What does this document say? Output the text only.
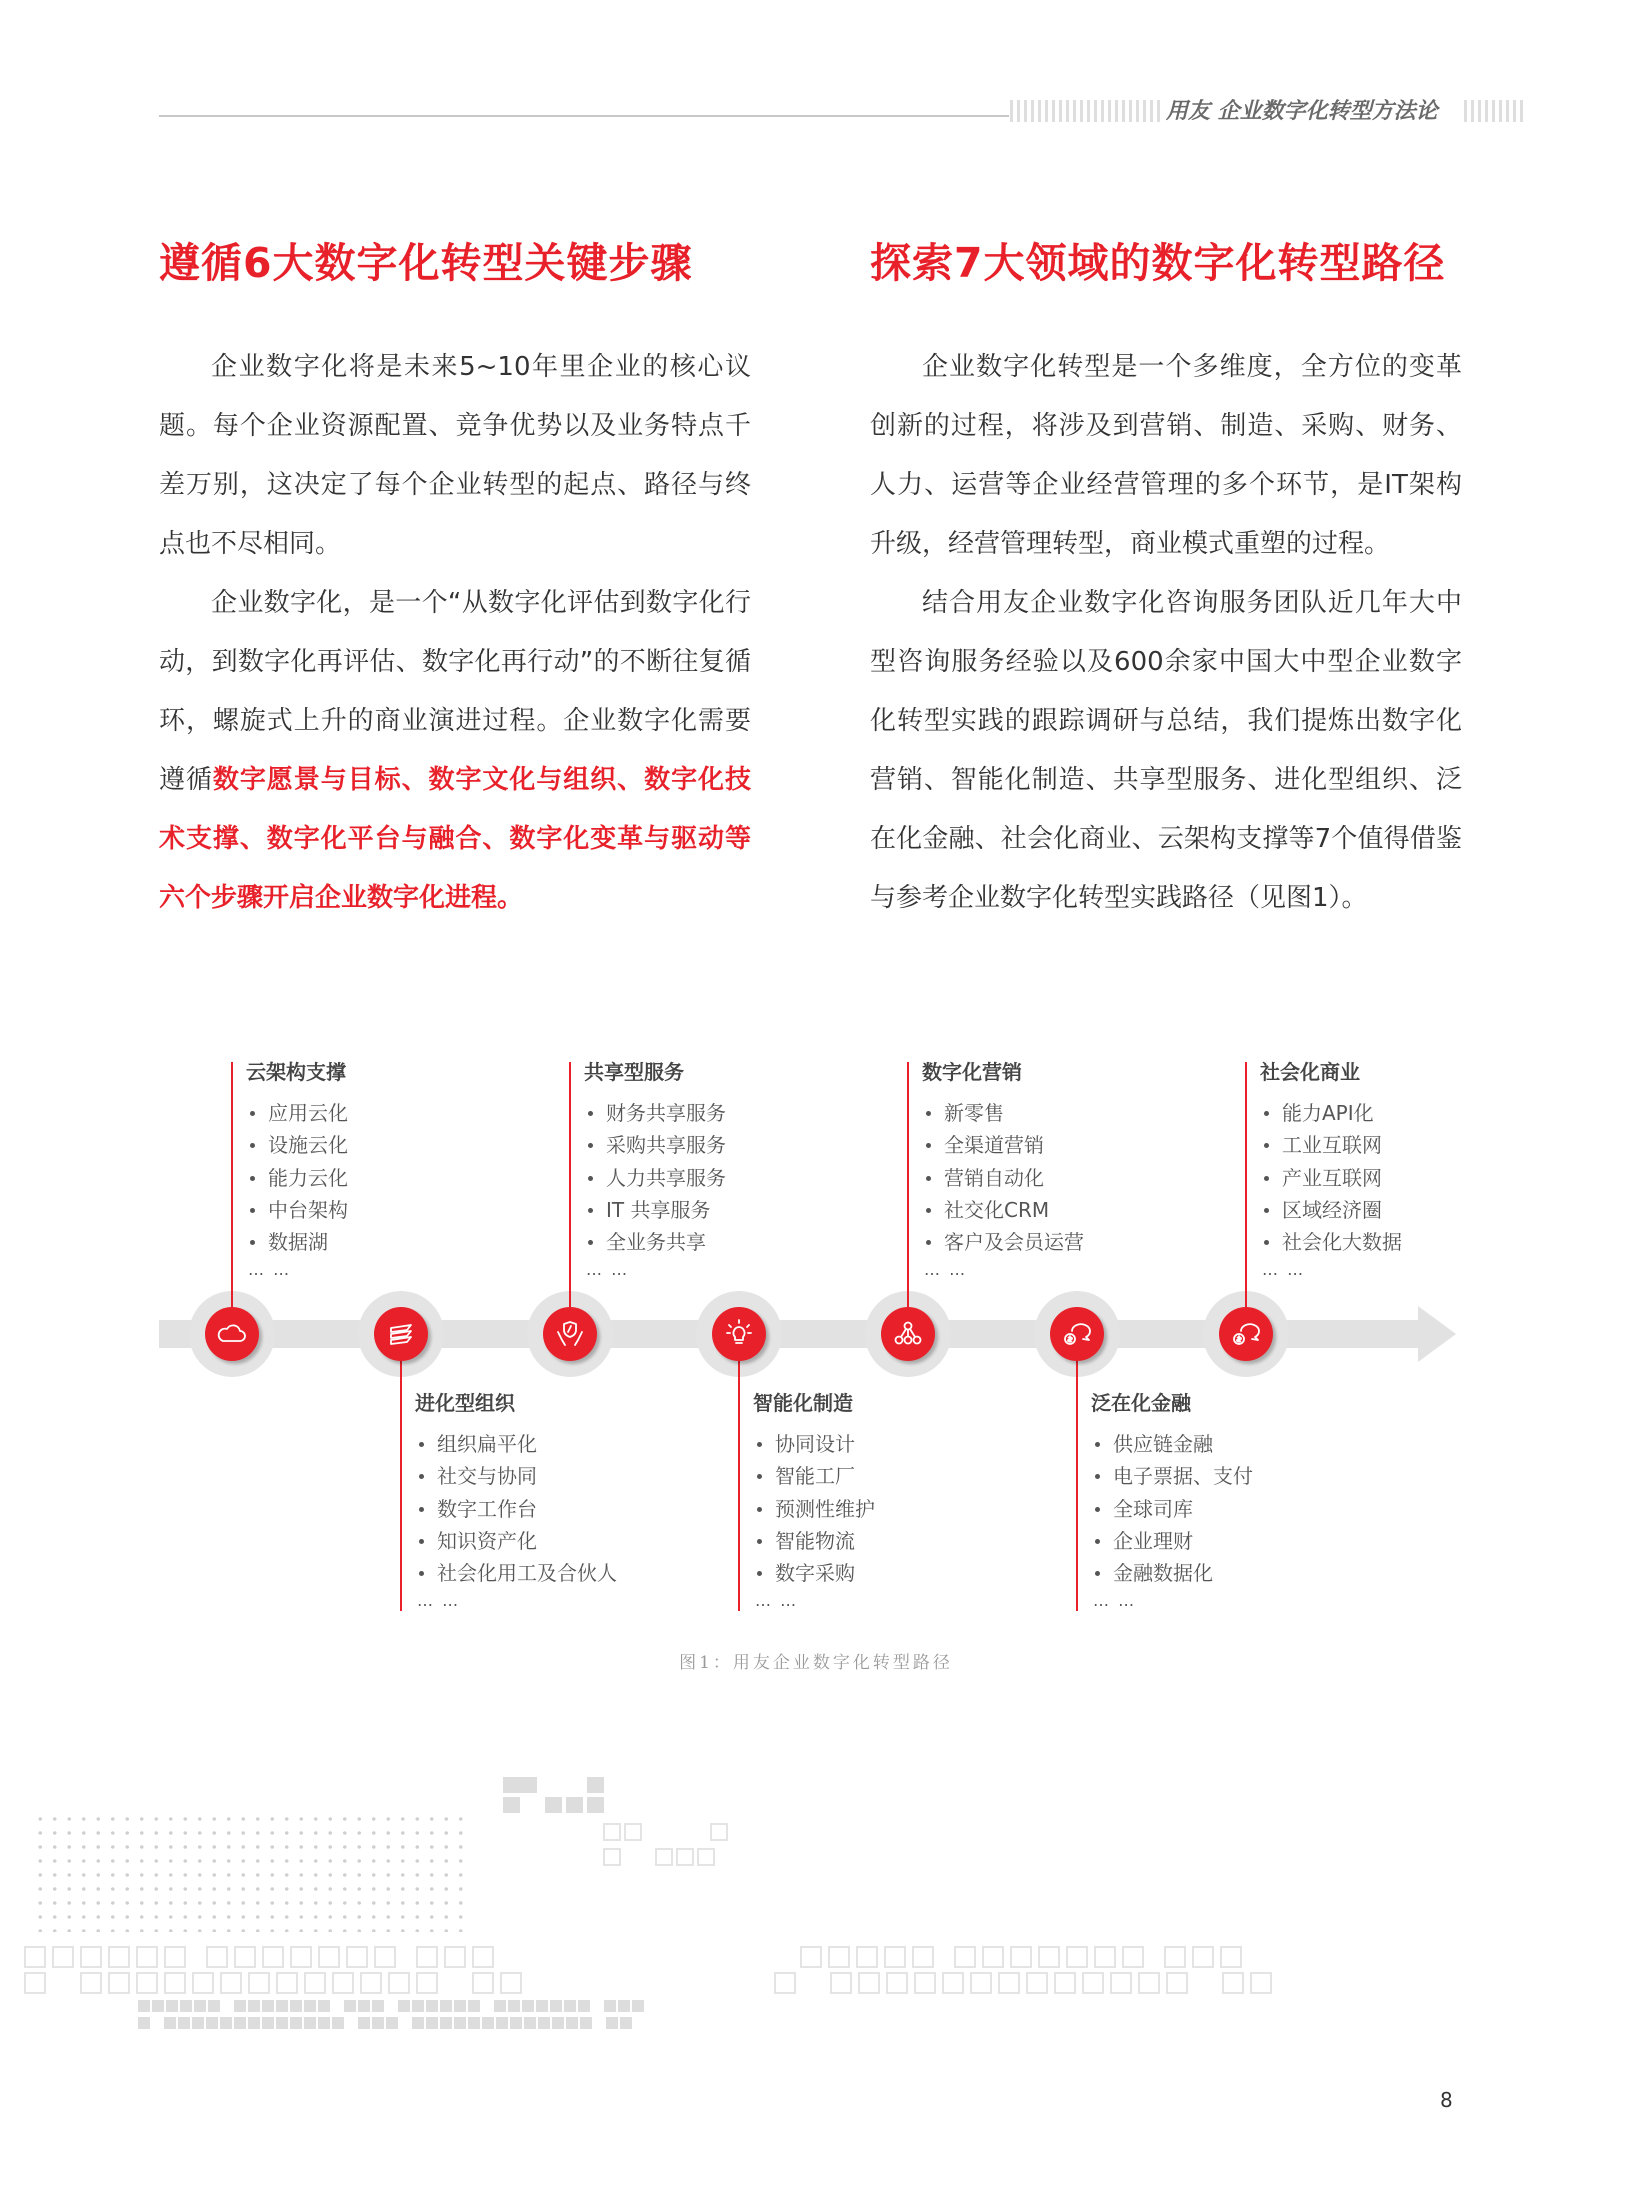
用友 企业数字化转型方法论
遵循6大数字化转型关键步骤	探索7大领域的数字化转型路径

企业数字化将是未来5~10年里企业的核心议题。每个企业资源配置、竞争优势以及业务特点千差万别，这决定了每个企业转型的起点、路径与终点也不尽相同。

企业数字化，是一个“从数字化评估到数字化行动，到数字化再评估、数字化再行动”的不断往复循环，螺旋式上升的商业演进过程。企业数字化需要遵循数字愿景与目标、数字文化与组织、数字化技术支撑、数字化平台与融合、数字化变革与驱动等六个步骤开启企业数字化进程。

企业数字化转型是一个多维度，全方位的变革创新的过程，将涉及到营销、制造、采购、财务、人力、运营等企业经营管理的多个环节，是IT架构升级，经营管理转型，商业模式重塑的过程。

结合用友企业数字化咨询服务团队近几年大中型咨询服务经验以及600余家中国大中型企业数字化转型实践的跟踪调研与总结，我们提炼出数字化营销、智能化制造、共享型服务、进化型组织、泛在化金融、社会化商业、云架构支撑等7个值得借鉴与参考企业数字化转型实践路径（见图1）。

云架构支撑
应用云化
设施云化
能力云化
中台架构
数据湖
… …
进化型组织
组织扁平化
社交与协同
数字工作台
知识资产化
社会化用工及合伙人
… …
共享型服务
财务共享服务
采购共享服务
人力共享服务
IT 共享服务
全业务共享
… …
智能化制造
协同设计
智能工厂
预测性维护
智能物流
数字采购
… …
数字化营销
新零售
全渠道营销
营销自动化
社交化CRM
客户及会员运营
… …
泛在化金融
供应链金融
电子票据、支付
全球司库
企业理财
金融数据化
… …
社会化商业
能力API化
工业互联网
产业互联网
区域经济圈
社会化大数据
… …
图1：用友企业数字化转型路径
8
